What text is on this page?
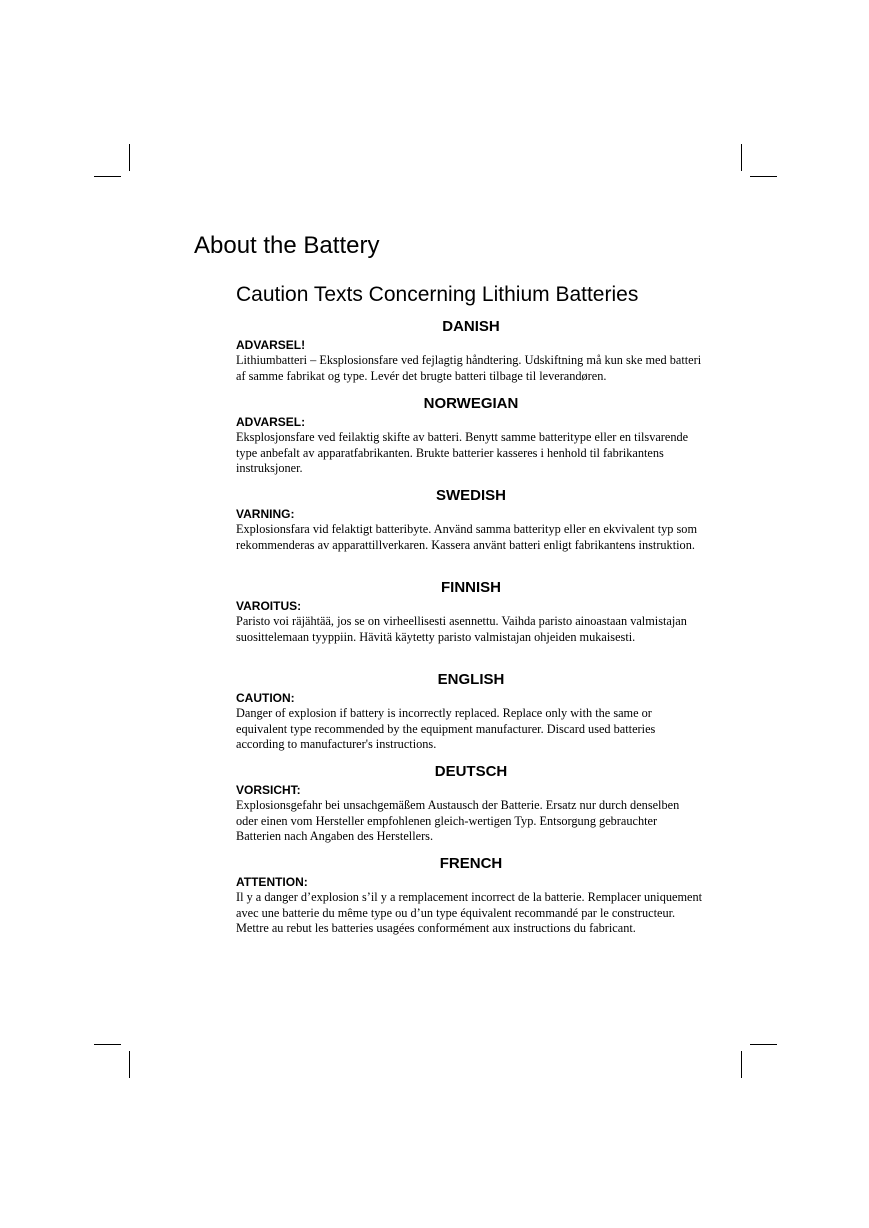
About the Battery
Caution Texts Concerning Lithium Batteries
DANISH
ADVARSEL!
Lithiumbatteri – Eksplosionsfare ved fejlagtig håndtering. Udskiftning må kun ske med batteri af samme fabrikat og type. Levér det brugte batteri tilbage til leverandøren.
NORWEGIAN
ADVARSEL:
Eksplosjonsfare ved feilaktig skifte av batteri. Benytt samme batteritype eller en tilsvarende type anbefalt av apparatfabrikanten. Brukte batterier kasseres i henhold til fabrikantens instruksjoner.
SWEDISH
VARNING:
Explosionsfara vid felaktigt batteribyte. Använd samma batterityp eller en ekvivalent typ som rekommenderas av apparattillverkaren. Kassera använt batteri enligt fabrikantens instruktion.
FINNISH
VAROITUS:
Paristo voi räjähtää, jos se on virheellisesti asennettu. Vaihda paristo ainoastaan valmistajan suosittelemaan tyyppiin. Hävitä käytetty paristo valmistajan ohjeiden mukaisesti.
ENGLISH
CAUTION:
Danger of explosion if battery is incorrectly replaced. Replace only with the same or equivalent type recommended by the equipment manufacturer. Discard used batteries according to manufacturer's instructions.
DEUTSCH
VORSICHT:
Explosionsgefahr bei unsachgemäßem Austausch der Batterie. Ersatz nur durch denselben oder einen vom Hersteller empfohlenen gleich-wertigen Typ. Entsorgung gebrauchter Batterien nach Angaben des Herstellers.
FRENCH
ATTENTION:
Il y a danger d’explosion s’il y a remplacement incorrect de la batterie. Remplacer uniquement avec une batterie du même type ou d’un type équivalent recommandé par le constructeur. Mettre au rebut les batteries usagées conformément aux instructions du fabricant.
